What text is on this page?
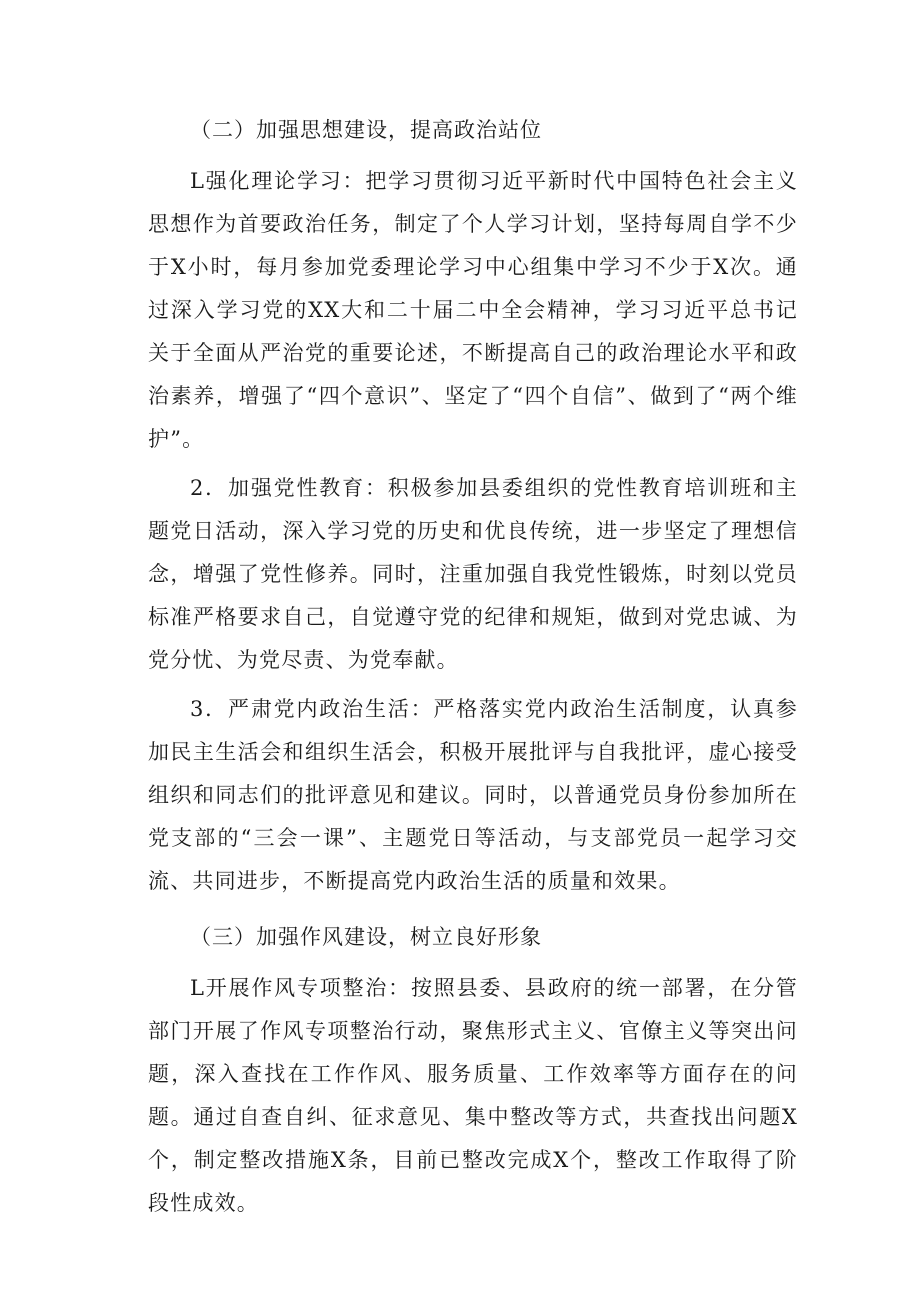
（二）加强思想建设，提高政治站位

L强化理论学习：把学习贯彻习近平新时代中国特色社会主义思想作为首要政治任务，制定了个人学习计划，坚持每周自学不少于X小时，每月参加党委理论学习中心组集中学习不少于X次。通过深入学习党的XX大和二十届二中全会精神，学习习近平总书记关于全面从严治党的重要论述，不断提高自己的政治理论水平和政治素养，增强了“四个意识”、坚定了“四个自信”、做到了“两个维护”。

2．加强党性教育：积极参加县委组织的党性教育培训班和主题党日活动，深入学习党的历史和优良传统，进一步坚定了理想信念，增强了党性修养。同时，注重加强自我党性锻炼，时刻以党员标准严格要求自己，自觉遵守党的纪律和规矩，做到对党忠诚、为党分忧、为党尽责、为党奉献。

3．严肃党内政治生活：严格落实党内政治生活制度，认真参加民主生活会和组织生活会，积极开展批评与自我批评，虚心接受组织和同志们的批评意见和建议。同时，以普通党员身份参加所在党支部的“三会一课”、主题党日等活动，与支部党员一起学习交流、共同进步，不断提高党内政治生活的质量和效果。

（三）加强作风建设，树立良好形象

L开展作风专项整治：按照县委、县政府的统一部署，在分管部门开展了作风专项整治行动，聚焦形式主义、官僚主义等突出问题，深入查找在工作作风、服务质量、工作效率等方面存在的问题。通过自查自纠、征求意见、集中整改等方式，共查找出问题X个，制定整改措施X条，目前已整改完成X个，整改工作取得了阶段性成效。
